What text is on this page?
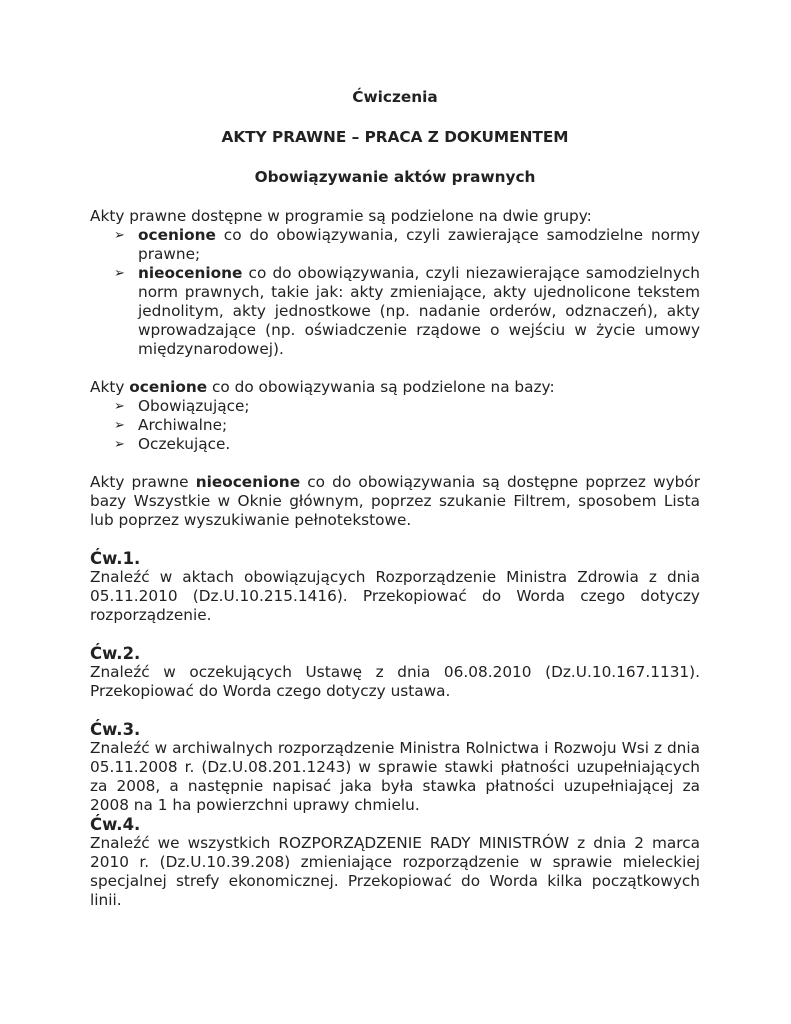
Ćwiczenia

AKTY PRAWNE – PRACA Z DOKUMENTEM

Obowiązywanie aktów prawnych

Akty prawne dostępne w programie są podzielone na dwie grupy:

➢ ocenione co do obowiązywania, czyli zawierające samodzielne normy prawne;
➢ nieocenione co do obowiązywania, czyli niezawierające samodzielnych norm prawnych, takie jak: akty zmieniające, akty ujednolicone tekstem jednolitym, akty jednostkowe (np. nadanie orderów, odznaczeń), akty wprowadzające (np. oświadczenie rządowe o wejściu w życie umowy międzynarodowej).

Akty ocenione co do obowiązywania są podzielone na bazy:

➢ Obowiązujące;
➢ Archiwalne;
➢ Oczekujące.

Akty prawne nieocenione co do obowiązywania są dostępne poprzez wybór bazy Wszystkie w Oknie głównym, poprzez szukanie Filtrem, sposobem Lista lub poprzez wyszukiwanie pełnotekstowe.

Ćw.1.

Znaleźć w aktach obowiązujących Rozporządzenie Ministra Zdrowia z dnia 05.11.2010 (Dz.U.10.215.1416). Przekopiować do Worda czego dotyczy rozporządzenie.

Ćw.2.

Znaleźć w oczekujących Ustawę z dnia 06.08.2010 (Dz.U.10.167.1131). Przekopiować do Worda czego dotyczy ustawa.

Ćw.3.

Znaleźć w archiwalnych rozporządzenie Ministra Rolnictwa i Rozwoju Wsi z dnia 05.11.2008 r. (Dz.U.08.201.1243) w sprawie stawki płatności uzupełniających za 2008, a następnie napisać jaka była stawka płatności uzupełniającej za 2008 na 1 ha powierzchni uprawy chmielu.

Ćw.4.

Znaleźć we wszystkich ROZPORZĄDZENIE RADY MINISTRÓW z dnia 2 marca 2010 r. (Dz.U.10.39.208) zmieniające rozporządzenie w sprawie mieleckiej specjalnej strefy ekonomicznej. Przekopiować do Worda kilka początkowych linii.
